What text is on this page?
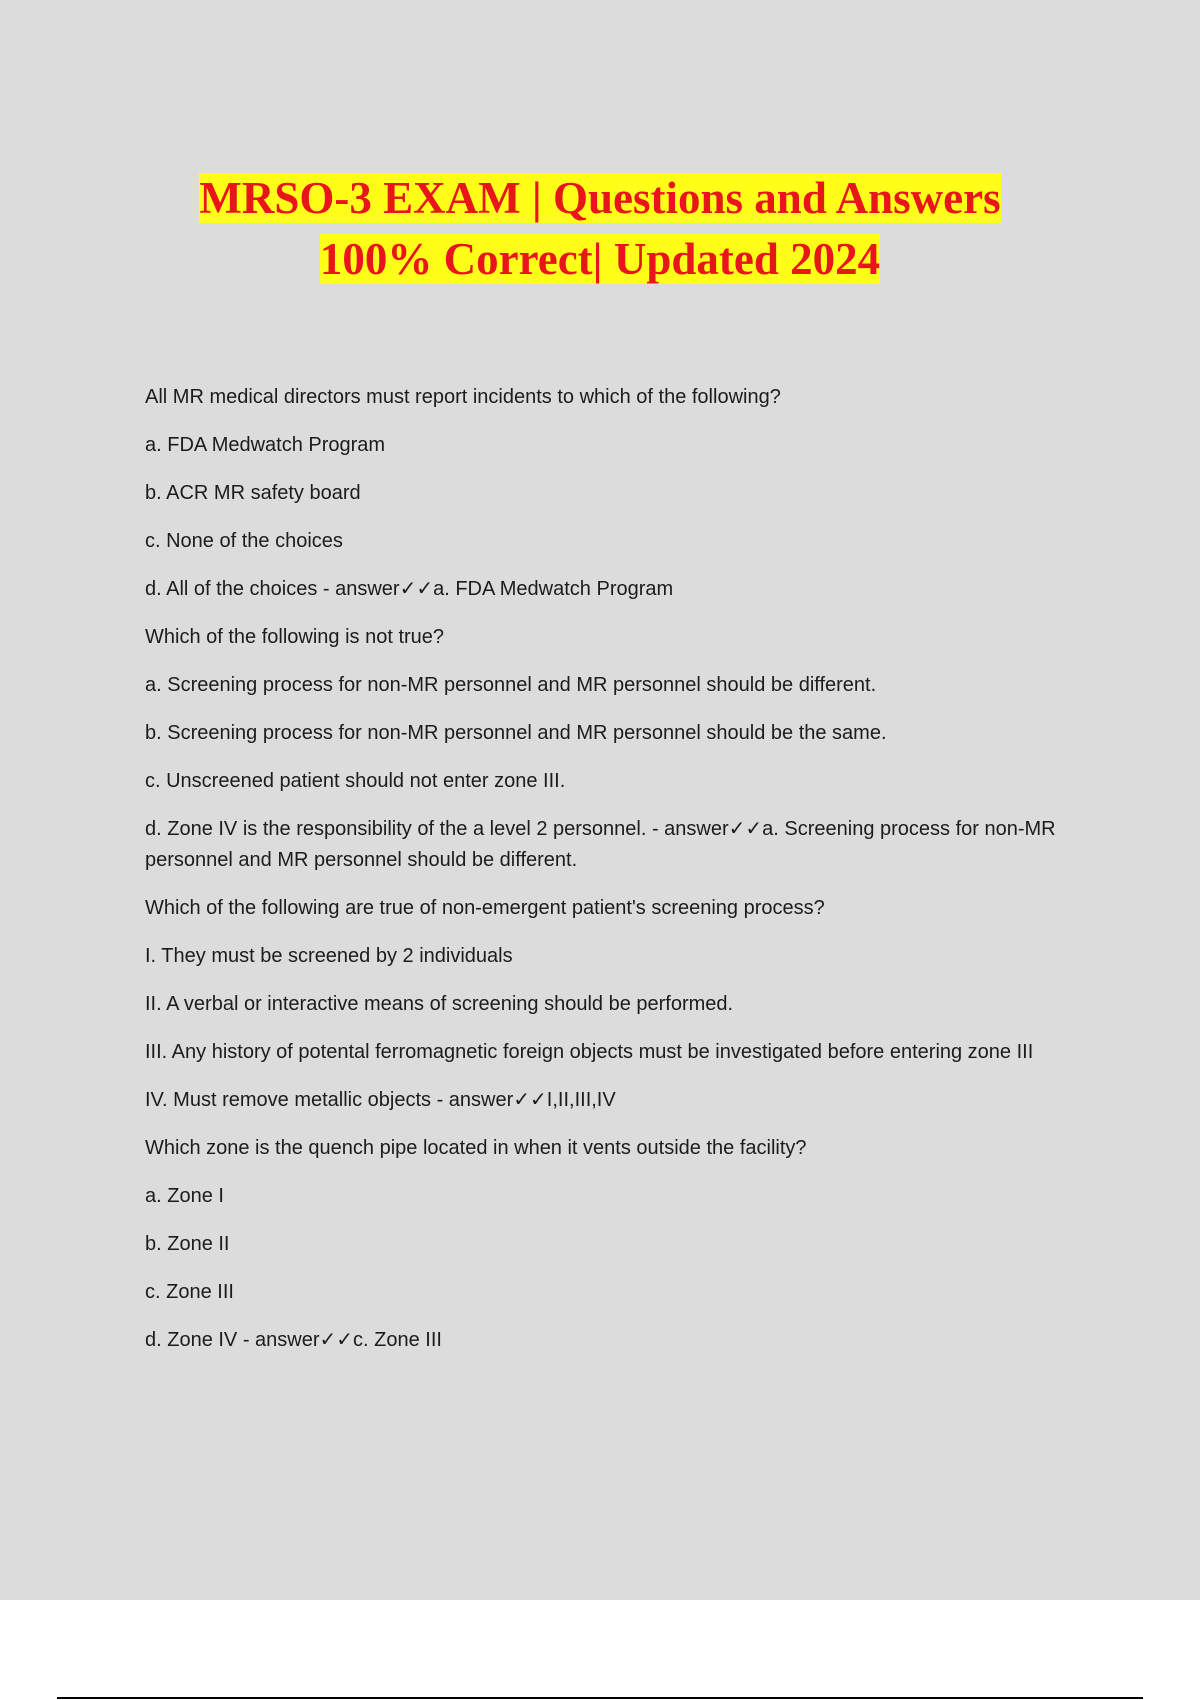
MRSO-3 EXAM | Questions and Answers
100% Correct| Updated 2024

All MR medical directors must report incidents to which of the following?

a. FDA Medwatch Program

b. ACR MR safety board

c. None of the choices

d. All of the choices - answer✓✓a. FDA Medwatch Program

Which of the following is not true?

a. Screening process for non-MR personnel and MR personnel should be different.

b. Screening process for non-MR personnel and MR personnel should be the same.

c. Unscreened patient should not enter zone III.

d. Zone IV is the responsibility of the a level 2 personnel. - answer✓✓a. Screening process for non-MR personnel and MR personnel should be different.

Which of the following are true of non-emergent patient's screening process?

I. They must be screened by 2 individuals

II. A verbal or interactive means of screening should be performed.

III. Any history of potental ferromagnetic foreign objects must be investigated before entering zone III

IV. Must remove metallic objects - answer✓✓I,II,III,IV

Which zone is the quench pipe located in when it vents outside the facility?

a. Zone I

b. Zone II

c. Zone III

d. Zone IV - answer✓✓c. Zone III
